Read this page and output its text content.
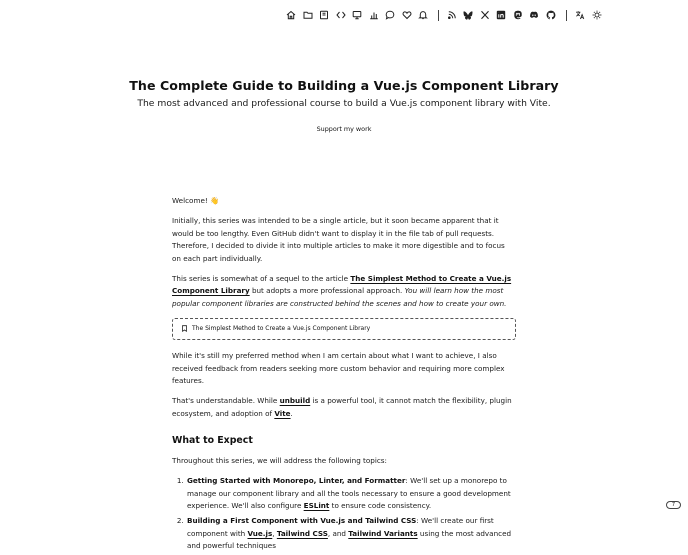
The Complete Guide to Building a Vue.js Component Library

The most advanced and professional course to build a Vue.js component library with Vite.

Support my work

Welcome! 👋

Initially, this series was intended to be a single article, but it soon became apparent that it would be too lengthy. Even GitHub didn't want to display it in the file tab of pull requests. Therefore, I decided to divide it into multiple articles to make it more digestible and to focus on each part individually.

This series is somewhat of a sequel to the article The Simplest Method to Create a Vue.js Component Library but adopts a more professional approach. You will learn how the most popular component libraries are constructed behind the scenes and how to create your own.

The Simplest Method to Create a Vue.js Component Library

While it's still my preferred method when I am certain about what I want to achieve, I also received feedback from readers seeking more custom behavior and requiring more complex features.

That's understandable. While unbuild is a powerful tool, it cannot match the flexibility, plugin ecosystem, and adoption of Vite.

What to Expect

Throughout this series, we will address the following topics:

1. Getting Started with Monorepo, Linter, and Formatter: We'll set up a monorepo to manage our component library and all the tools necessary to ensure a good development experience. We'll also configure ESLint to ensure code consistency.
2. Building a First Component with Vue.js and Tailwind CSS: We'll create our first component with Vue.js, Tailwind CSS, and Tailwind Variants using the most advanced and powerful techniques
7
